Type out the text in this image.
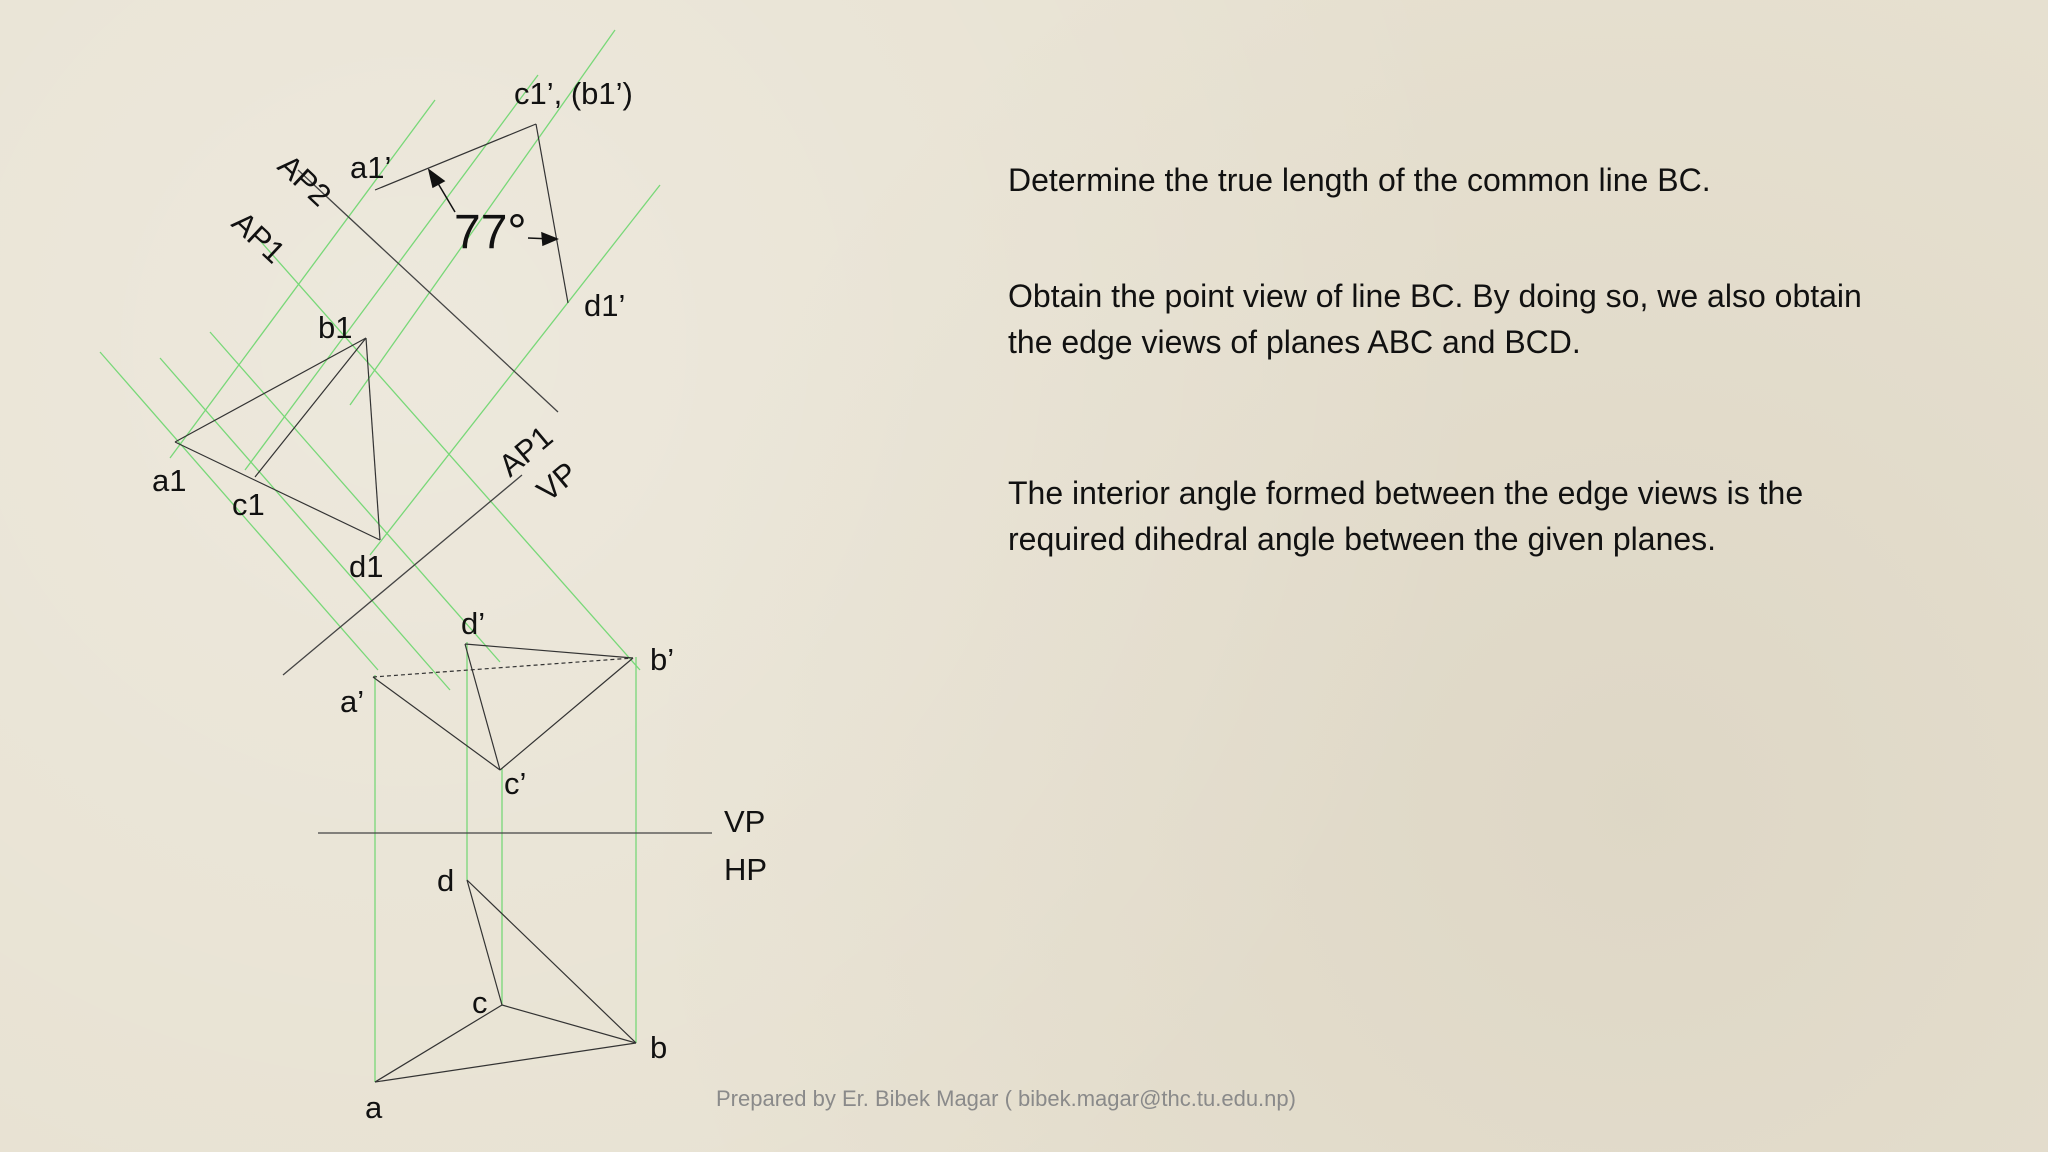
VP
HP
AP1
VP
AP1
AP2
a’
b’
c’
d’
a
b
c
d
a1
b1
c1
d1
a1’
c1’, (b1’)
d1’
77°

Determine the true length of the common line BC.

Obtain the point view of line BC. By doing so, we also obtain the edge views of planes ABC and BCD.

The interior angle formed between the edge views is the required dihedral angle between the given planes.

Prepared by Er. Bibek Magar ( bibek.magar@thc.tu.edu.np)
